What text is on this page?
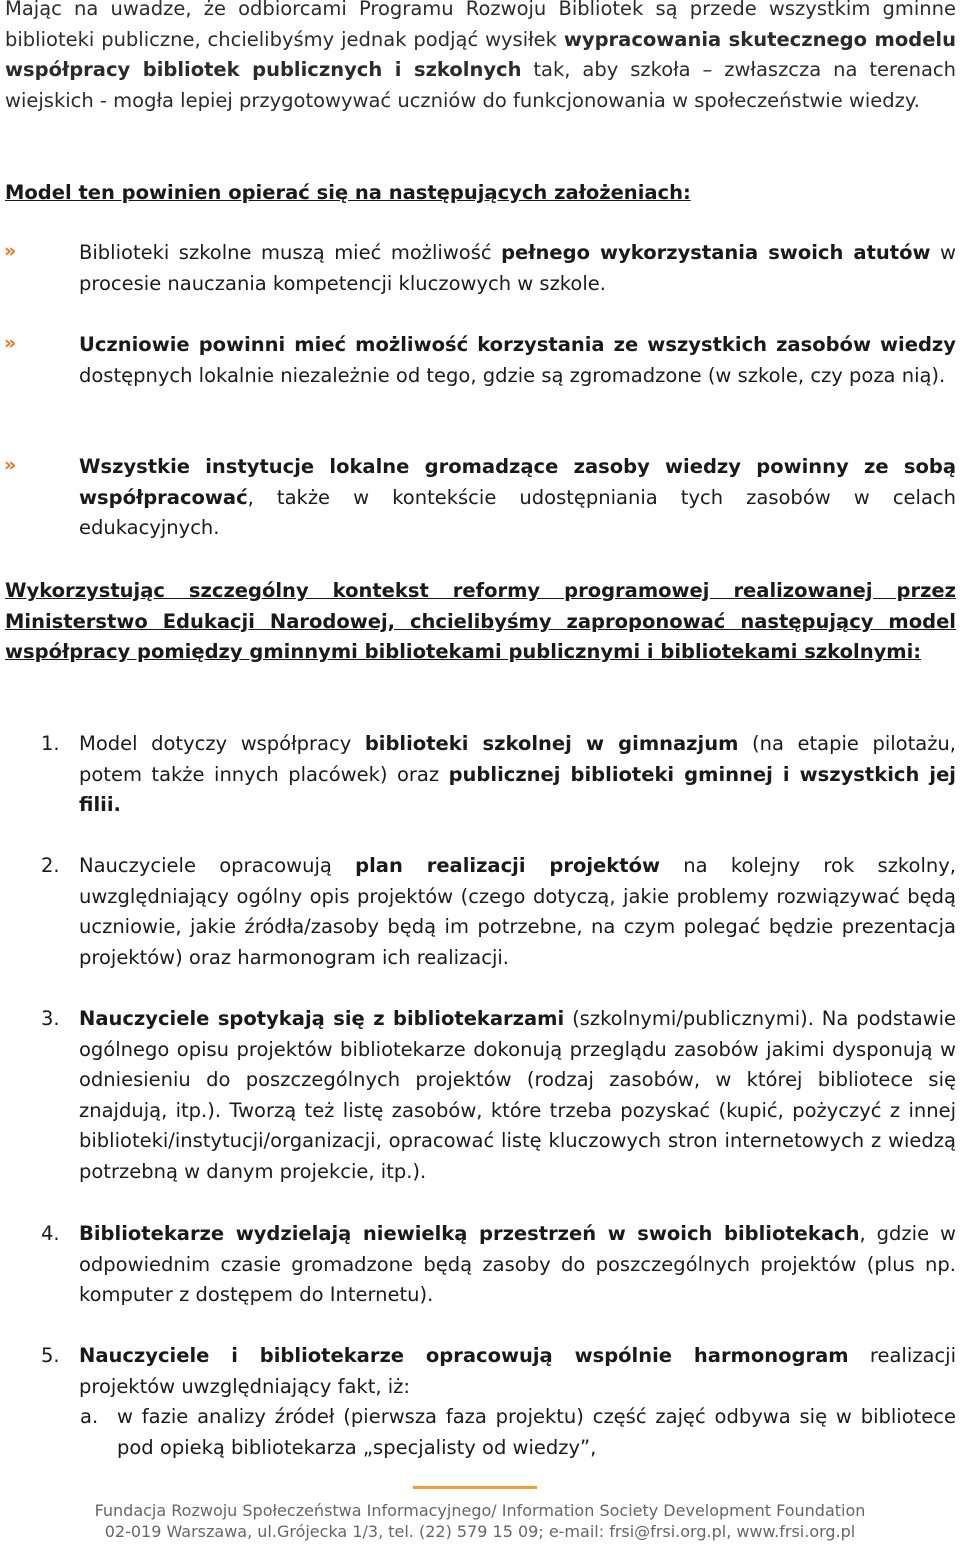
Mając na uwadze, że odbiorcami Programu Rozwoju Bibliotek są przede wszystkim gminne biblioteki publiczne, chcielibyśmy jednak podjąć wysiłek wypracowania skutecznego modelu współpracy bibliotek publicznych i szkolnych tak, aby szkoła – zwłaszcza na terenach wiejskich - mogła lepiej przygotowywać uczniów do funkcjonowania w społeczeństwie wiedzy.

Model ten powinien opierać się na następujących założeniach:

»	Biblioteki szkolne muszą mieć możliwość pełnego wykorzystania swoich atutów w procesie nauczania kompetencji kluczowych w szkole.

»	Uczniowie powinni mieć możliwość korzystania ze wszystkich zasobów wiedzy dostępnych lokalnie niezależnie od tego, gdzie są zgromadzone (w szkole, czy poza nią).

»	Wszystkie instytucje lokalne gromadzące zasoby wiedzy powinny ze sobą współpracować, także w kontekście udostępniania tych zasobów w celach edukacyjnych.

Wykorzystując szczególny kontekst reformy programowej realizowanej przez Ministerstwo Edukacji Narodowej, chcielibyśmy zaproponować następujący model współpracy pomiędzy gminnymi bibliotekami publicznymi i bibliotekami szkolnymi:

1. Model dotyczy współpracy biblioteki szkolnej w gimnazjum (na etapie pilotażu, potem także innych placówek) oraz publicznej biblioteki gminnej i wszystkich jej filii.

2. Nauczyciele opracowują plan realizacji projektów na kolejny rok szkolny, uwzględniający ogólny opis projektów (czego dotyczą, jakie problemy rozwiązywać będą uczniowie, jakie źródła/zasoby będą im potrzebne, na czym polegać będzie prezentacja projektów) oraz harmonogram ich realizacji.

3. Nauczyciele spotykają się z bibliotekarzami (szkolnymi/publicznymi). Na podstawie ogólnego opisu projektów bibliotekarze dokonują przeglądu zasobów jakimi dysponują w odniesieniu do poszczególnych projektów (rodzaj zasobów, w której bibliotece się znajdują, itp.). Tworzą też listę zasobów, które trzeba pozyskać (kupić, pożyczyć z innej biblioteki/instytucji/organizacji, opracować listę kluczowych stron internetowych z wiedzą potrzebną w danym projekcie, itp.).

4. Bibliotekarze wydzielają niewielką przestrzeń w swoich bibliotekach, gdzie w odpowiednim czasie gromadzone będą zasoby do poszczególnych projektów (plus np. komputer z dostępem do Internetu).

5. Nauczyciele i bibliotekarze opracowują wspólnie harmonogram realizacji projektów uwzględniający fakt, iż:

a. w fazie analizy źródeł (pierwsza faza projektu) część zajęć odbywa się w bibliotece pod opieką bibliotekarza „specjalisty od wiedzy”,

Fundacja Rozwoju Społeczeństwa Informacyjnego/ Information Society Development Foundation
02-019 Warszawa, ul.Grójecka 1/3, tel. (22) 579 15 09; e-mail: frsi@frsi.org.pl, www.frsi.org.pl
